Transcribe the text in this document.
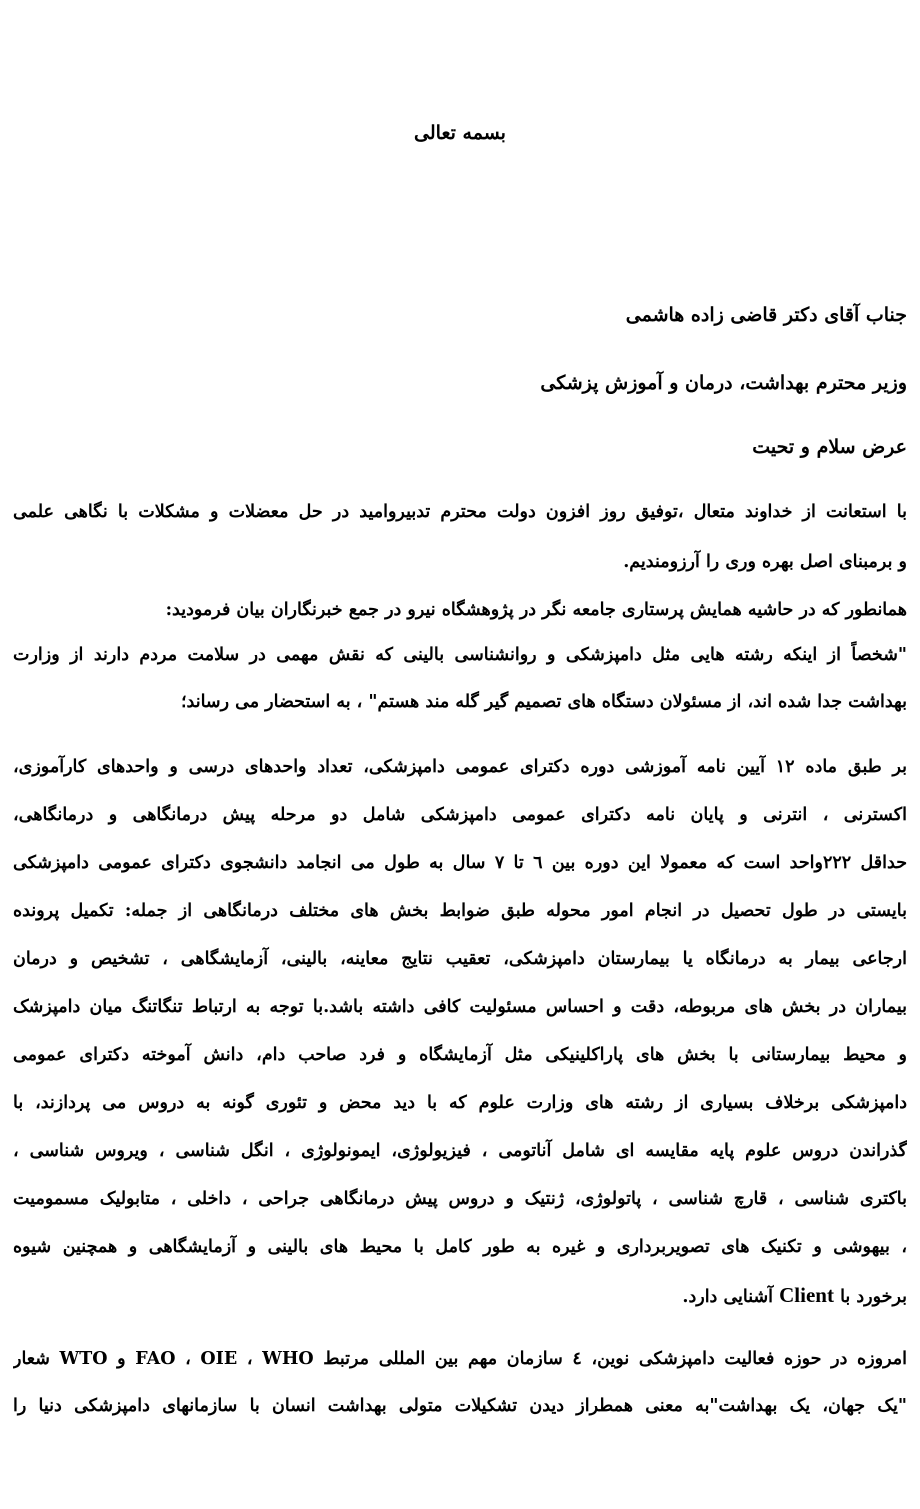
بسمه تعالی
جناب آقای دکتر قاضی زاده هاشمی
وزیر محترم بهداشت، درمان و آموزش پزشکی
عرض سلام و تحیت
با استعانت از خداوند متعال ،توفیق روز افزون دولت محترم تدبیروامید در حل معضلات و مشکلات با نگاهی علمی
و برمبنای اصل بهره وری را آرزومندیم.
همانطور که در حاشیه همایش پرستاری جامعه نگر در پژوهشگاه نیرو در جمع خبرنگاران بیان فرمودید:
"شخصاً از اینکه رشته هایی مثل دامپزشکی و روانشناسی بالینی که نقش مهمی در سلامت مردم دارند از وزارت
بهداشت جدا شده اند، از مسئولان دستگاه های تصمیم گیر گله مند هستم" ، به استحضار می رساند؛
بر طبق ماده ۱۲ آیین نامه آموزشی دوره دکترای عمومی دامپزشکی، تعداد واحدهای درسی و واحدهای کارآموزی،
اکسترنی ، انترنی و پایان نامه دکترای عمومی دامپزشکی شامل دو مرحله پیش درمانگاهی و درمانگاهی،
حداقل ۲۲۲واحد است که معمولا این دوره بین ٦ تا ۷ سال به طول می انجامد دانشجوی دکترای عمومی دامپزشکی
بایستی در طول تحصیل در انجام امور محوله طبق ضوابط بخش های مختلف درمانگاهی از جمله: تکمیل پرونده
ارجاعی بیمار به درمانگاه یا بیمارستان دامپزشکی، تعقیب نتایج معاینه، بالینی، آزمایشگاهی ، تشخیص و درمان
بیماران در بخش های مربوطه، دقت و احساس مسئولیت کافی داشته باشد.با توجه به ارتباط تنگاتنگ میان دامپزشک
و محیط بیمارستانی با بخش های پاراکلینیکی مثل آزمایشگاه و فرد صاحب دام، دانش آموخته دکترای عمومی
دامپزشکی برخلاف بسیاری از رشته های وزارت علوم که با دید محض و تئوری گونه به دروس می پردازند، با
گذراندن دروس علوم پایه مقایسه ای شامل آناتومی ، فیزیولوژی، ایمونولوژی ، انگل شناسی ، ویروس شناسی ،
باکتری شناسی ، قارچ شناسی ، پاتولوژی، ژنتیک و دروس پیش درمانگاهی جراحی ، داخلی ، متابولیک مسمومیت
، بیهوشی و تکنیک های تصویربرداری و غیره به طور کامل با محیط های بالینی و آزمایشگاهی و همچنین شیوه
برخورد با Client آشنایی دارد.
امروزه در حوزه فعالیت دامپزشکی نوین، ٤ سازمان مهم بین المللی مرتبط FAO ، OIE ، WHO و WTO شعار
"یک جهان، یک بهداشت"به معنی همطراز دیدن تشکیلات متولی بهداشت انسان با سازمانهای دامپزشکی دنیا را
